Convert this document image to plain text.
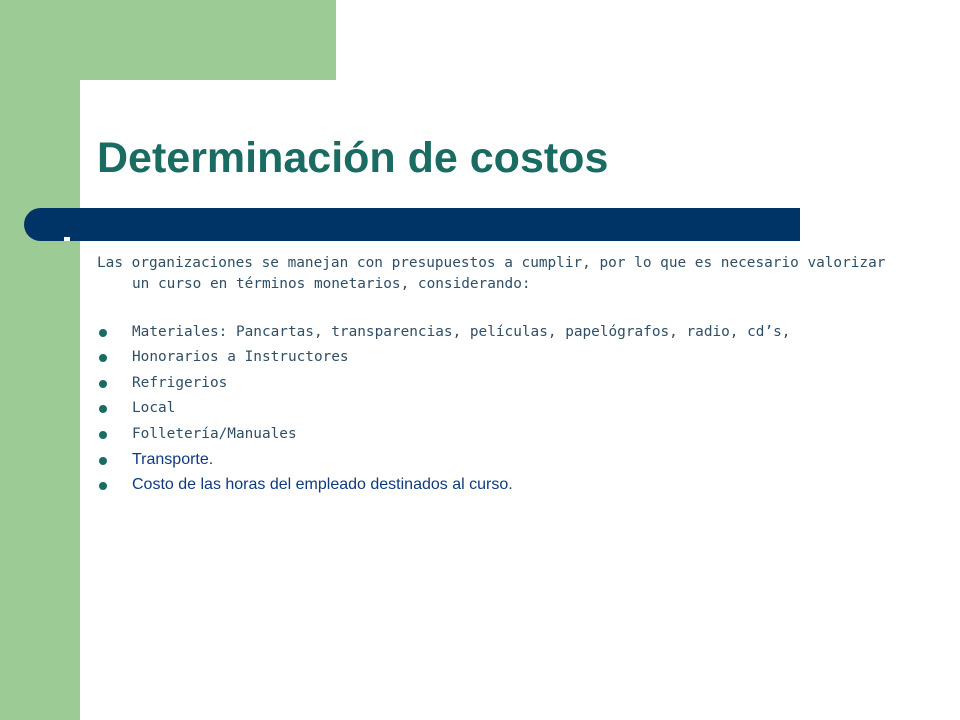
Determinación de costos

Las organizaciones se manejan con presupuestos a cumplir, por lo que es necesario valorizar un curso en términos monetarios, considerando:

Materiales: Pancartas, transparencias, películas, papelógrafos, radio, cd’s,
Honorarios a Instructores
Refrigerios
Local
Folletería/Manuales
Transporte.
Costo de las horas del empleado destinados al curso.
